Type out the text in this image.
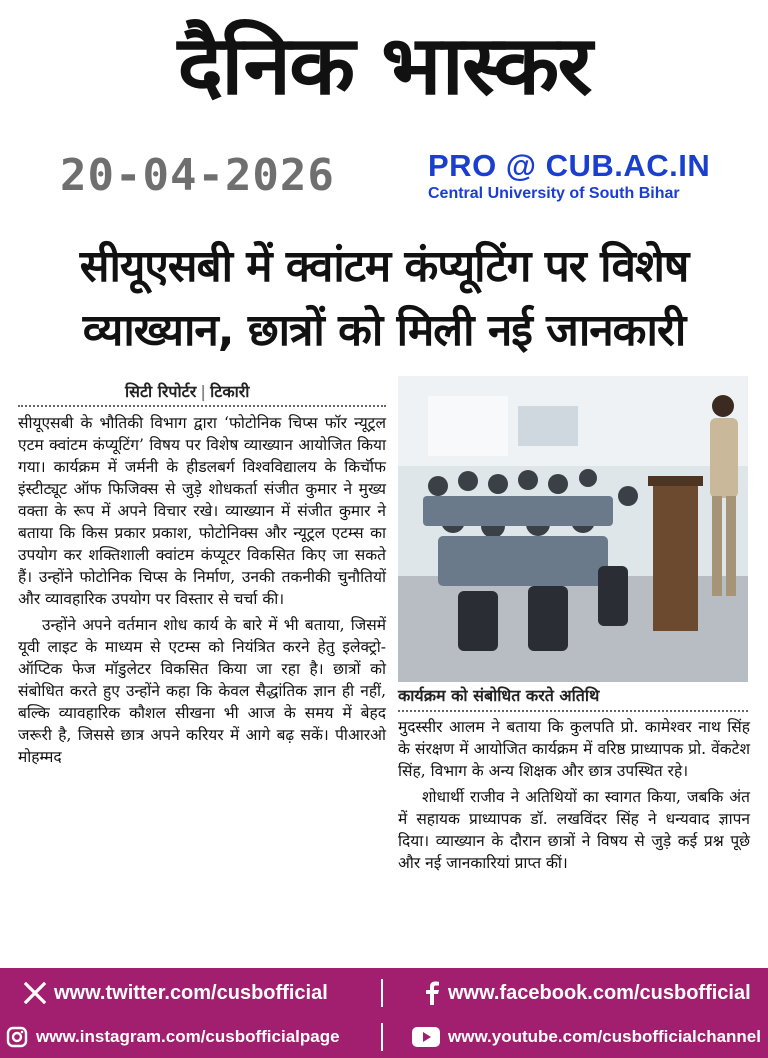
दैनिक भास्कर
20-04-2026	PRO @ CUB.AC.IN
Central University of South Bihar
सीयूएसबी में क्वांटम कंप्यूटिंग पर विशेष
व्याख्यान, छात्रों को मिली नई जानकारी
सिटी रिपोर्टर | टिकारी

सीयूएसबी के भौतिकी विभाग द्वारा ‘फोटोनिक चिप्स फॉर न्यूट्रल एटम क्वांटम कंप्यूटिंग’ विषय पर विशेष व्याख्यान आयोजित किया गया। कार्यक्रम में जर्मनी के हीडलबर्ग विश्वविद्यालय के किर्चॉफ इंस्टीट्यूट ऑफ फिजिक्स से जुड़े शोधकर्ता संजीत कुमार ने मुख्य वक्ता के रूप में अपने विचार रखे। व्याख्यान में संजीत कुमार ने बताया कि किस प्रकार प्रकाश, फोटोनिक्स और न्यूट्रल एटम्स का उपयोग कर शक्तिशाली क्वांटम कंप्यूटर विकसित किए जा सकते हैं। उन्होंने फोटोनिक चिप्स के निर्माण, उनकी तकनीकी चुनौतियों और व्यावहारिक उपयोग पर विस्तार से चर्चा की।

उन्होंने अपने वर्तमान शोध कार्य के बारे में भी बताया, जिसमें यूवी लाइट के माध्यम से एटम्स को नियंत्रित करने हेतु इलेक्ट्रो-ऑप्टिक फेज मॉडुलेटर विकसित किया जा रहा है। छात्रों को संबोधित करते हुए उन्होंने कहा कि केवल सैद्धांतिक ज्ञान ही नहीं, बल्कि व्यावहारिक कौशल सीखना भी आज के समय में बेहद जरूरी है, जिससे छात्र अपने करियर में आगे बढ़ सकें। पीआरओ मोहम्मद

कार्यक्रम को संबोधित करते अतिथि

मुदस्सीर आलम ने बताया कि कुलपति प्रो. कामेश्वर नाथ सिंह के संरक्षण में आयोजित कार्यक्रम में वरिष्ठ प्राध्यापक प्रो. वेंकटेश सिंह, विभाग के अन्य शिक्षक और छात्र उपस्थित रहे।

शोधार्थी राजीव ने अतिथियों का स्वागत किया, जबकि अंत में सहायक प्राध्यापक डॉ. लखविंदर सिंह ने धन्यवाद ज्ञापन दिया। व्याख्यान के दौरान छात्रों ने विषय से जुड़े कई प्रश्न पूछे और नई जानकारियां प्राप्त कीं।

www.twitter.com/cusbofficial	www.facebook.com/cusbofficial
www.instagram.com/cusbofficialpage	www.youtube.com/cusbofficialchannel
